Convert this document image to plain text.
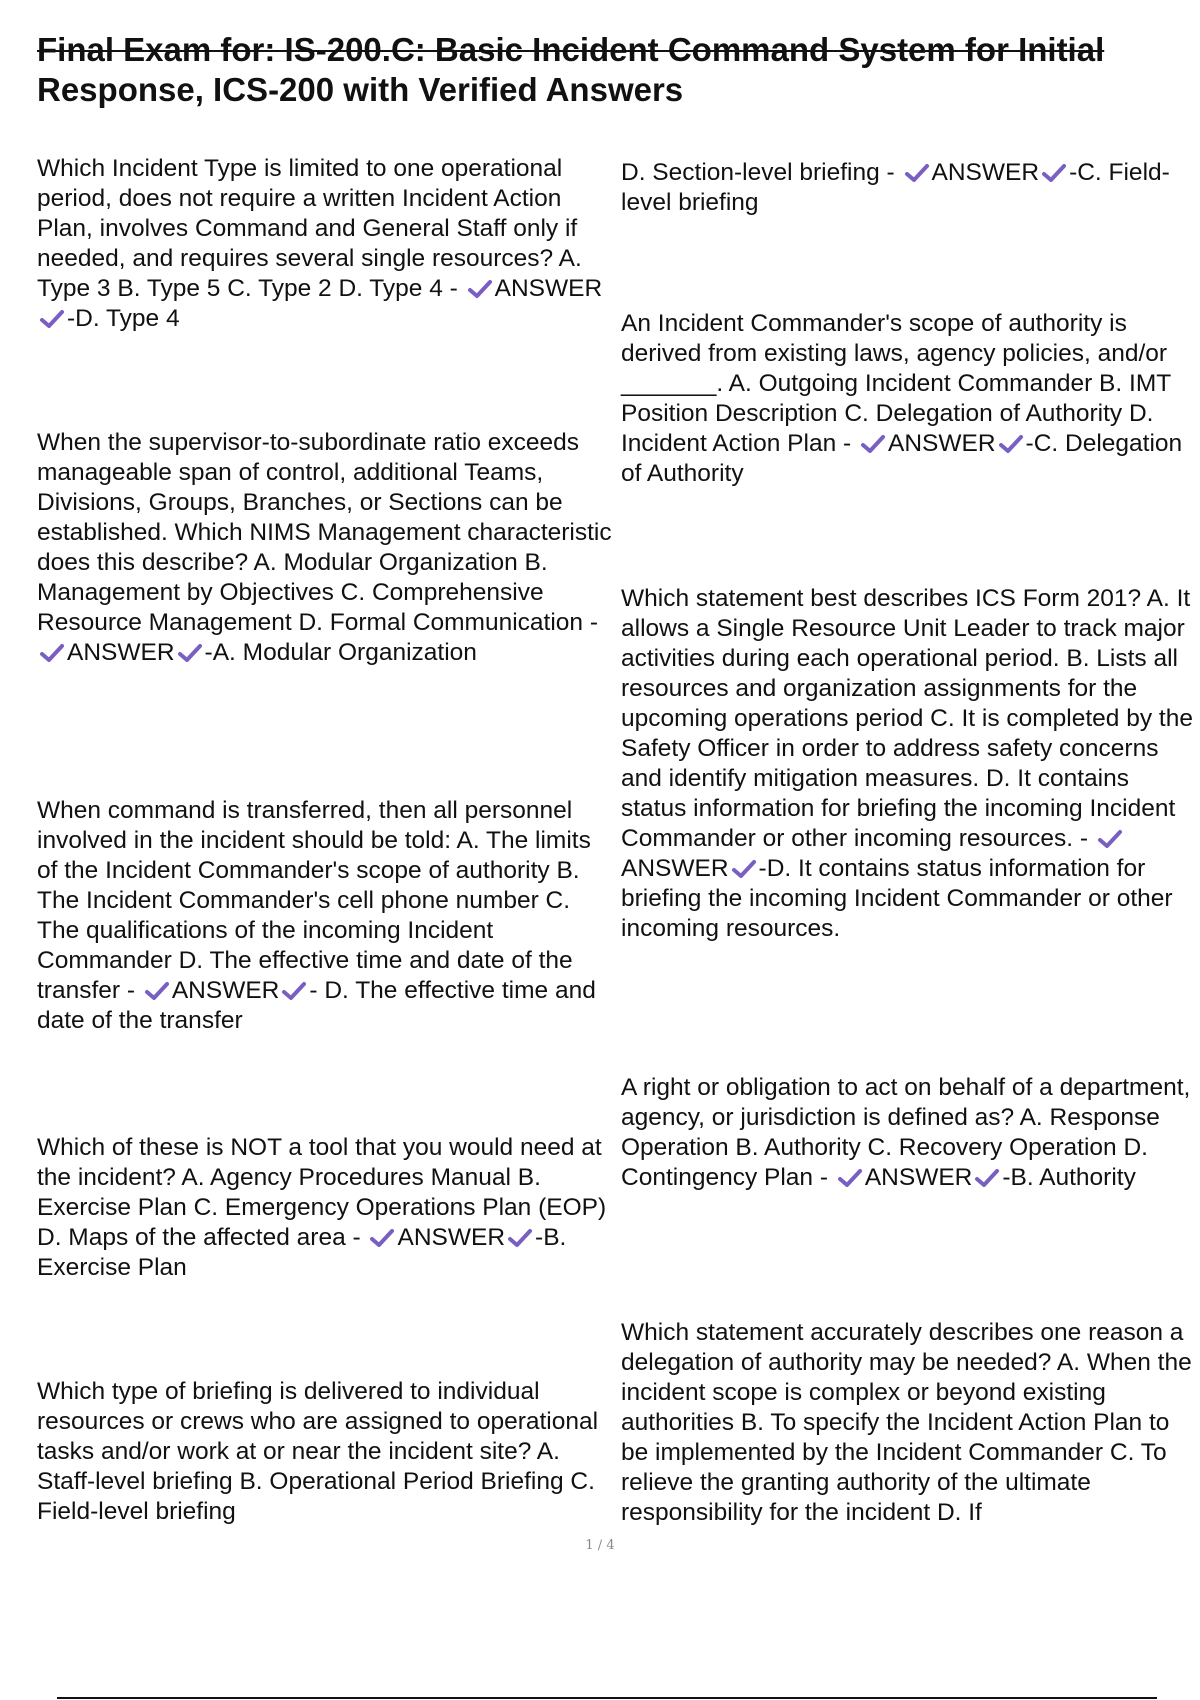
Final Exam for: IS-200.C: Basic Incident Command System for Initial
Response, ICS-200 with Verified Answers

Which Incident Type is limited to one operational period, does not require a written Incident Action Plan, involves Command and General Staff only if needed, and requires several single resources? A. Type 3 B. Type 5 C. Type 2 D. Type 4 - ANSWER
-D. Type 4

When the supervisor-to-subordinate ratio exceeds manageable span of control, additional Teams, Divisions, Groups, Branches, or Sections can be established. Which NIMS Management characteristic does this describe? A. Modular Organization B. Management by Objectives C. Comprehensive Resource Management D. Formal Communication -
ANSWER -A. Modular Organization

When command is transferred, then all personnel involved in the incident should be told: A. The limits of the Incident Commander's scope of authority B. The Incident Commander's cell phone number C. The qualifications of the incoming Incident Commander D. The effective time and date of the transfer - ANSWER - D. The effective time and date of the transfer

Which of these is NOT a tool that you would need at the incident? A. Agency Procedures Manual B. Exercise Plan C. Emergency Operations Plan (EOP) D. Maps of the affected area - ANSWER -B. Exercise Plan

Which type of briefing is delivered to individual resources or crews who are assigned to operational tasks and/or work at or near the incident site? A. Staff-level briefing B. Operational Period Briefing C. Field-level briefing

D. Section-level briefing - ANSWER -C. Field-level briefing

An Incident Commander's scope of authority is derived from existing laws, agency policies, and/or _______. A. Outgoing Incident Commander B. IMT Position Description C. Delegation of Authority D. Incident Action Plan - ANSWER -C. Delegation of Authority

Which statement best describes ICS Form 201? A. It allows a Single Resource Unit Leader to track major activities during each operational period. B. Lists all resources and organization assignments for the upcoming operations period C. It is completed by the Safety Officer in order to address safety concerns and identify mitigation measures. D. It contains status information for briefing the incoming Incident Commander or other incoming resources. -
ANSWER -D. It contains status information for briefing the incoming Incident Commander or other incoming resources.

A right or obligation to act on behalf of a department, agency, or jurisdiction is defined as? A. Response Operation B. Authority C. Recovery Operation D. Contingency Plan - ANSWER -B. Authority

Which statement accurately describes one reason a delegation of authority may be needed? A. When the incident scope is complex or beyond existing authorities B. To specify the Incident Action Plan to be implemented by the Incident Commander C. To relieve the granting authority of the ultimate responsibility for the incident D. If

1 / 4
